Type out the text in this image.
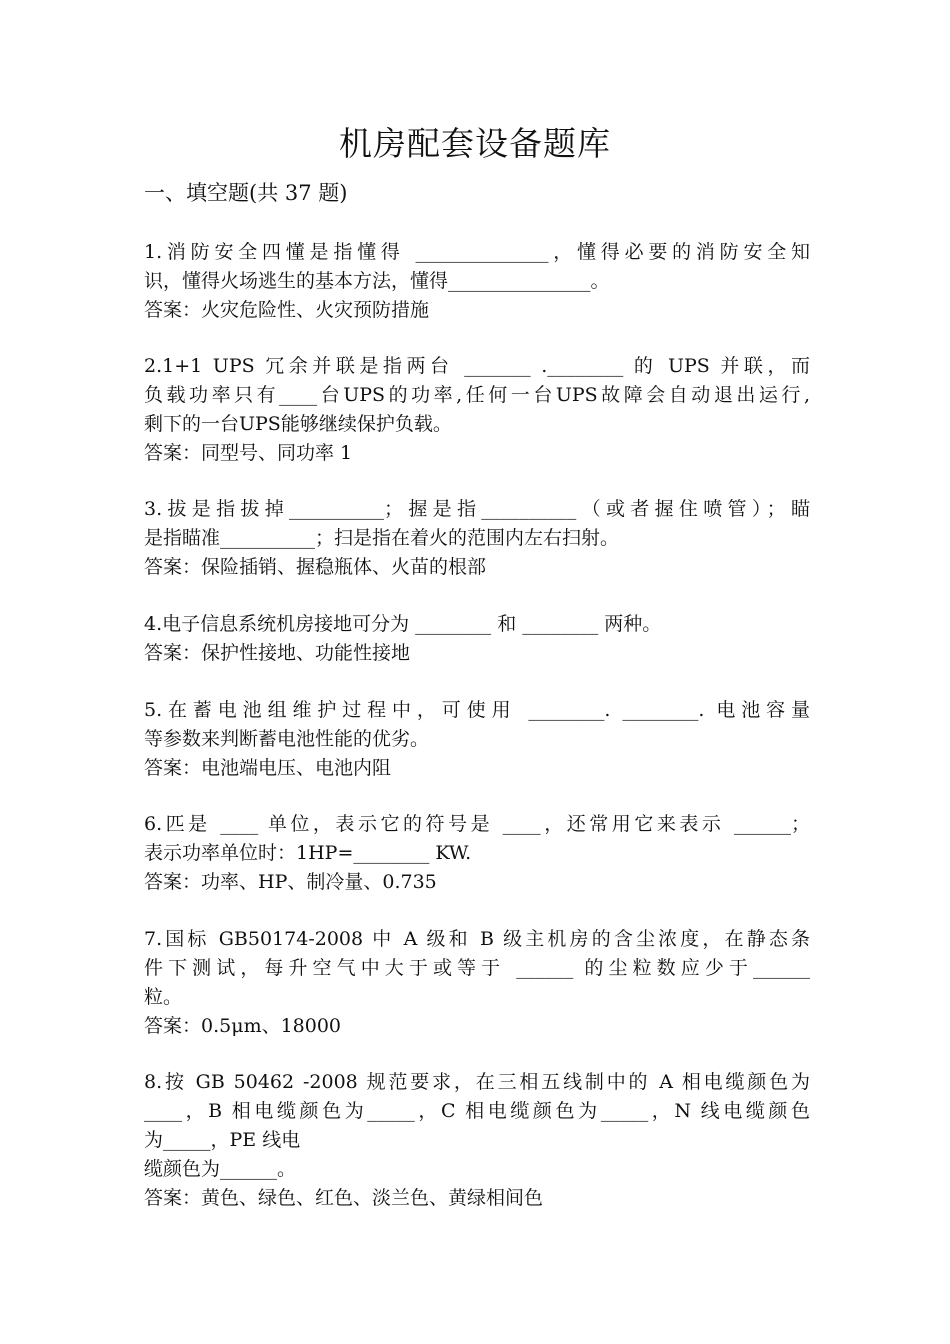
机房配套设备题库
一、填空题(共 37 题)
1.消防安全四懂是指懂得 ______________，懂得必要的消防安全知
识，懂得火场逃生的基本方法，懂得_______________。
答案：火灾危险性、火灾预防措施
2.1+1 UPS 冗余并联是指两台 _______ .________ 的 UPS 并联，而
负载功率只有____台UPS的功率,任何一台UPS故障会自动退出运行,
剩下的一台UPS能够继续保护负载。
答案：同型号、同功率 1
3.拔是指拔掉__________；握是指__________（或者握住喷管）；瞄
是指瞄准__________；扫是指在着火的范围内左右扫射。
答案：保险插销、握稳瓶体、火苗的根部
4.电子信息系统机房接地可分为 ________ 和 ________ 两种。
答案：保护性接地、功能性接地
5.在蓄电池组维护过程中，可使用 ________. ________. 电池容量
等参数来判断蓄电池性能的优劣。
答案：电池端电压、电池内阻
6.匹是 ____ 单位，表示它的符号是 ____，还常用它来表示 ______；
表示功率单位时：1HP=________ KW.
答案：功率、HP、制冷量、0.735
7.国标 GB50174-2008 中 A 级和 B 级主机房的含尘浓度，在静态条
件下测试，每升空气中大于或等于 ______ 的尘粒数应少于______
粒。
答案：0.5μm、18000
8.按 GB 50462 -2008 规范要求，在三相五线制中的 A 相电缆颜色为
____，B 相电缆颜色为_____，C 相电缆颜色为_____，N 线电缆颜色
为_____，PE 线电
缆颜色为______。
答案：黄色、绿色、红色、淡兰色、黄绿相间色
